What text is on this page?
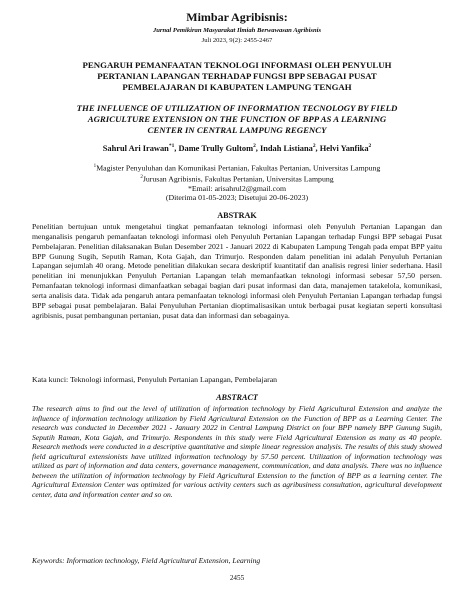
Mimbar Agribisnis:
Jurnal Pemikiran Masyarakat Ilmiah Berwawasan Agribisnis
Juli 2023, 9(2): 2455-2467
PENGARUH PEMANFAATAN TEKNOLOGI INFORMASI OLEH PENYULUH PERTANIAN LAPANGAN TERHADAP FUNGSI BPP SEBAGAI PUSAT PEMBELAJARAN DI KABUPATEN LAMPUNG TENGAH
THE INFLUENCE OF UTILIZATION OF INFORMATION TECNOLOGY BY FIELD AGRICULTURE EXTENSION ON THE FUNCTION OF BPP AS A LEARNING CENTER IN CENTRAL LAMPUNG REGENCY
Sahrul Ari Irawan$^{*1}$, Dame Trully Gultom$^2$, Indah Listiana$^2$, Helvi Yanfika$^2$
$^1$Magister Penyuluhan dan Komunikasi Pertanian, Fakultas Pertanian, Universitas Lampung
$^2$Jurusan Agribisnis, Fakultas Pertanian, Universitas Lampung
*Email: arisahrul2@gmail.com
(Diterima 01-05-2023; Disetujui 20-06-2023)
ABSTRAK
Penelitian bertujuan untuk mengetahui tingkat pemanfaatan teknologi informasi oleh Penyuluh Pertanian Lapangan dan menganalisis pengaruh pemanfaatan teknologi informasi oleh Penyuluh Pertanian Lapangan terhadap Fungsi BPP sebagai Pusat Pembelajaran. Penelitian dilaksanakan Bulan Desember 2021 - Januari 2022 di Kabupaten Lampung Tengah pada empat BPP yaitu BPP Gunung Sugih, Seputih Raman, Kota Gajah, dan Trimurjo. Responden dalam penelitian ini adalah Penyuluh Pertanian Lapangan sejumlah 40 orang. Metode penelitian dilakukan secara deskriptif kuantitatif dan analisis regresi linier sederhana. Hasil penelitian ini menunjukkan Penyuluh Pertanian Lapangan telah memanfaatkan teknologi informasi sebesar 57,50 persen. Pemanfaatan teknologi informasi dimanfaatkan sebagai bagian dari pusat informasi dan data, manajemen tatakelola, komunikasi, serta analisis data. Tidak ada pengaruh antara pemanfaatan teknologi informasi oleh Penyuluh Pertanian Lapangan terhadap fungsi BPP sebagai pusat pembelajaran. Balai Penyuluhan Pertanian dioptimalisasikan untuk berbagai pusat kegiatan seperti konsultasi agribisnis, pusat pembangunan pertanian, pusat data dan informasi dan sebagainya.
Kata kunci: Teknologi informasi, Penyuluh Pertanian Lapangan, Pembelajaran
ABSTRACT
The research aims to find out the level of utilization of information technology by Field Agricultural Extension and analyze the influence of information technology utilization by Field Agricultural Extension on the Function of BPP as a Learning Center. The research was conducted in December 2021 - January 2022 in Central Lampung District on four BPP namely BPP Gunung Sugih, Seputih Raman, Kota Gajah, and Trimurjo. Respondents in this study were Field Agricultural Extension as many as 40 people. Research methods were conducted in a descriptive quantitative and simple linear regression analysis. The results of this study showed field agricultural extensionists have utilized information technology by 57.50 percent. Utilization of information technology was utilized as part of information and data centers, governance management, communication, and data analysis. There was no influence between the utilization of information technology by Field Agricultural Extension to the function of BPP as a learning center. The Agricultural Extension Center was optimized for various activity centers such as agribusiness consultation, agricultural development center, data and information center and so on.
Keywords: Information technology, Field Agricultural Extension, Learning
2455
